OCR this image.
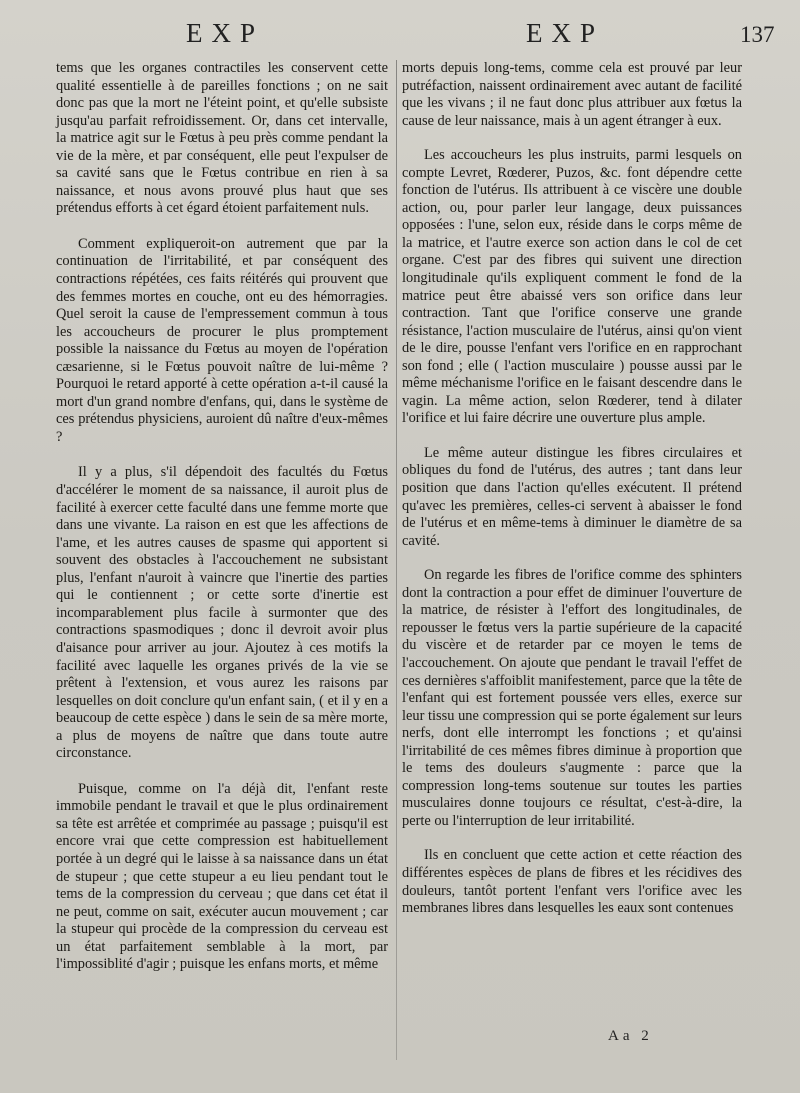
EXP	EXP	137

tems que les organes contractiles les conservent cette qualité essentielle à de pareilles fonctions ; on ne sait donc pas que la mort ne l'éteint point, et qu'elle subsiste jusqu'au parfait refroidissement. Or, dans cet intervalle, la matrice agit sur le Fœtus à peu près comme pendant la vie de la mère, et par conséquent, elle peut l'expulser de sa cavité sans que le Fœtus contribue en rien à sa naissance, et nous avons prouvé plus haut que ses prétendus efforts à cet égard étoient parfaitement nuls.

Comment expliqueroit-on autrement que par la continuation de l'irritabilité, et par conséquent des contractions répétées, ces faits réitérés qui prouvent que des femmes mortes en couche, ont eu des hémorragies. Quel seroit la cause de l'empressement commun à tous les accoucheurs de procurer le plus promptement possible la naissance du Fœtus au moyen de l'opération cæsarienne, si le Fœtus pouvoit naître de lui-même ? Pourquoi le retard apporté à cette opération a-t-il causé la mort d'un grand nombre d'enfans, qui, dans le système de ces prétendus physiciens, auroient dû naître d'eux-mêmes ?

Il y a plus, s'il dépendoit des facultés du Fœtus d'accélérer le moment de sa naissance, il auroit plus de facilité à exercer cette faculté dans une femme morte que dans une vivante. La raison en est que les affections de l'ame, et les autres causes de spasme qui apportent si souvent des obstacles à l'accouchement ne subsistant plus, l'enfant n'auroit à vaincre que l'inertie des parties qui le contiennent ; or cette sorte d'inertie est incomparablement plus facile à surmonter que des contractions spasmodiques ; donc il devroit avoir plus d'aisance pour arriver au jour. Ajoutez à ces motifs la facilité avec laquelle les organes privés de la vie se prêtent à l'extension, et vous aurez les raisons par lesquelles on doit conclure qu'un enfant sain, ( et il y en a beaucoup de cette espèce ) dans le sein de sa mère morte, a plus de moyens de naître que dans toute autre circonstance.

Puisque, comme on l'a déjà dit, l'enfant reste immobile pendant le travail et que le plus ordinairement sa tête est arrêtée et comprimée au passage ; puisqu'il est encore vrai que cette compression est habituellement portée à un degré qui le laisse à sa naissance dans un état de stupeur ; que cette stupeur a eu lieu pendant tout le tems de la compression du cerveau ; que dans cet état il ne peut, comme on sait, exécuter aucun mouvement ; car la stupeur qui procède de la compression du cerveau est un état parfaitement semblable à la mort, par l'impossiblité d'agir ; puisque les enfans morts, et même

morts depuis long-tems, comme cela est prouvé par leur putréfaction, naissent ordinairement avec autant de facilité que les vivans ; il ne faut donc plus attribuer aux fœtus la cause de leur naissance, mais à un agent étranger à eux.

Les accoucheurs les plus instruits, parmi lesquels on compte Levret, Rœderer, Puzos, &c. font dépendre cette fonction de l'utérus. Ils attribuent à ce viscère une double action, ou, pour parler leur langage, deux puissances opposées : l'une, selon eux, réside dans le corps même de la matrice, et l'autre exerce son action dans le col de cet organe. C'est par des fibres qui suivent une direction longitudinale qu'ils expliquent comment le fond de la matrice peut être abaissé vers son orifice dans leur contraction. Tant que l'orifice conserve une grande résistance, l'action musculaire de l'utérus, ainsi qu'on vient de le dire, pousse l'enfant vers l'orifice en en rapprochant son fond ; elle ( l'action musculaire ) pousse aussi par le même méchanisme l'orifice en le faisant descendre dans le vagin. La même action, selon Rœderer, tend à dilater l'orifice et lui faire décrire une ouverture plus ample.

Le même auteur distingue les fibres circulaires et obliques du fond de l'utérus, des autres ; tant dans leur position que dans l'action qu'elles exécutent. Il prétend qu'avec les premières, celles-ci servent à abaisser le fond de l'utérus et en même-tems à diminuer le diamètre de sa cavité.

On regarde les fibres de l'orifice comme des sphinters dont la contraction a pour effet de diminuer l'ouverture de la matrice, de résister à l'effort des longitudinales, de repousser le fœtus vers la partie supérieure de la capacité du viscère et de retarder par ce moyen le tems de l'accouchement. On ajoute que pendant le travail l'effet de ces dernières s'affoiblit manifestement, parce que la tête de l'enfant qui est fortement poussée vers elles, exerce sur leur tissu une compression qui se porte également sur leurs nerfs, dont elle interrompt les fonctions ; et qu'ainsi l'irritabilité de ces mêmes fibres diminue à proportion que le tems des douleurs s'augmente : parce que la compression long-tems soutenue sur toutes les parties musculaires donne toujours ce résultat, c'est-à-dire, la perte ou l'interruption de leur irritabilité.

Ils en concluent que cette action et cette réaction des différentes espèces de plans de fibres et les récidives des douleurs, tantôt portent l'enfant vers l'orifice avec les membranes libres dans lesquelles les eaux sont contenues

Aa 2
